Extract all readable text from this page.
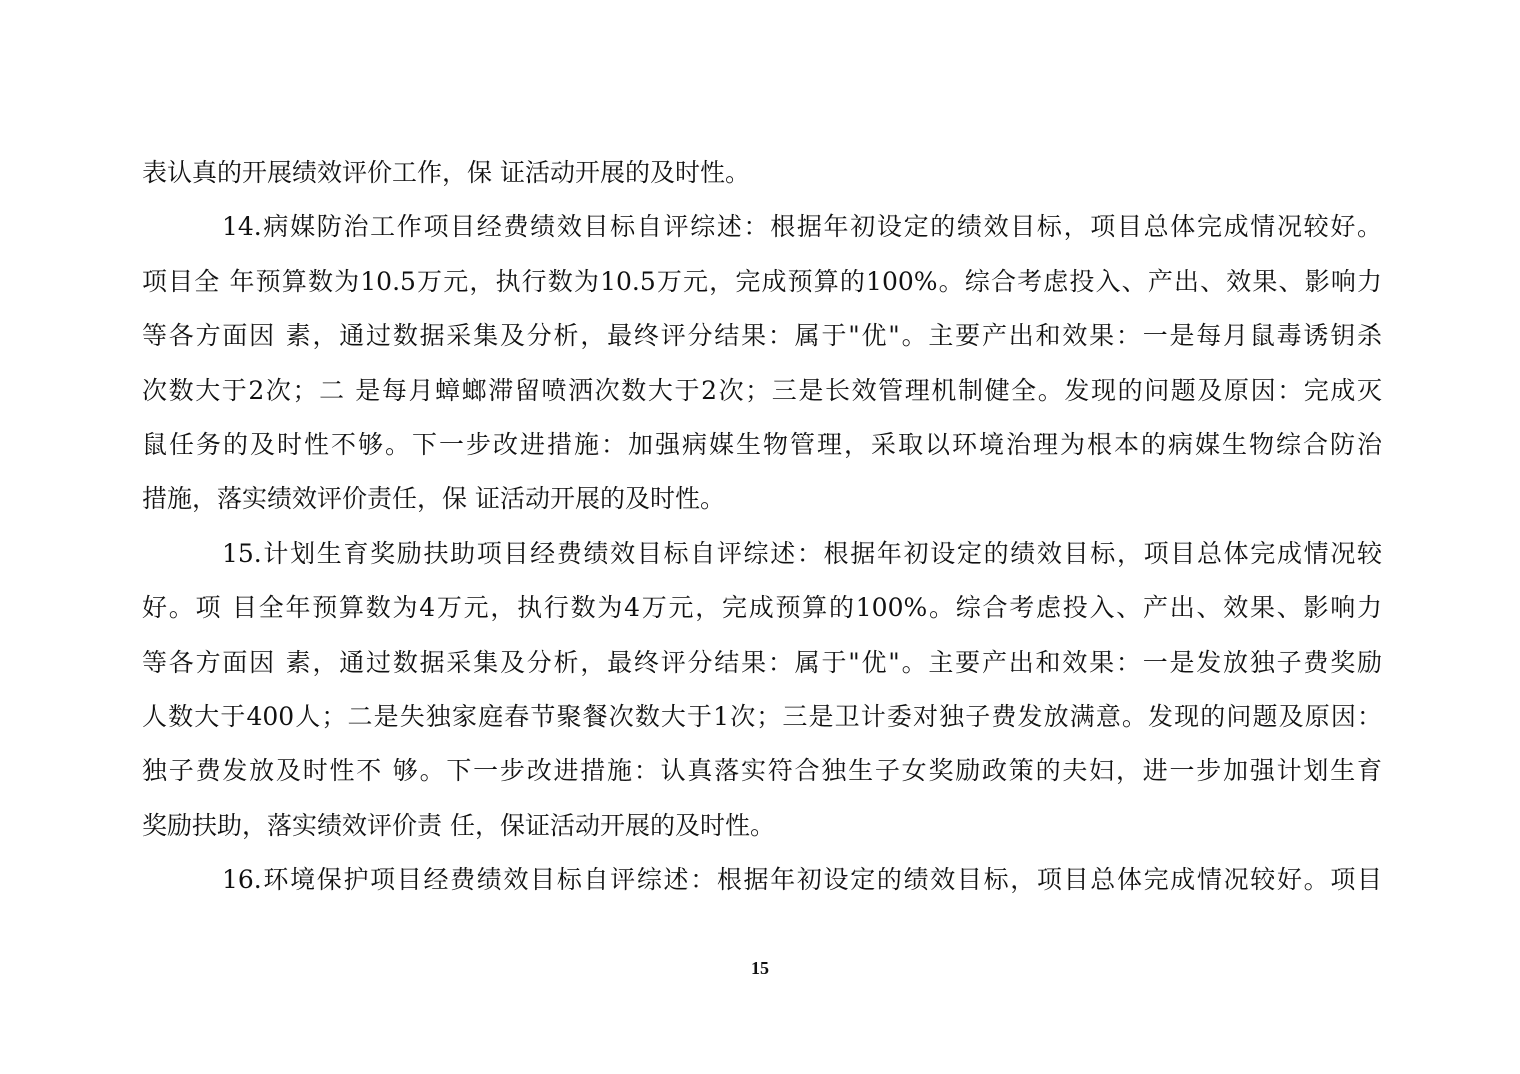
表认真的开展绩效评价工作，保 证活动开展的及时性。
14.病媒防治工作项目经费绩效目标自评综述：根据年初设定的绩效目标，项目总体完成情况较好。
项目全 年预算数为10.5万元，执行数为10.5万元，完成预算的100%。综合考虑投入、产出、效果、影响力
等各方面因 素，通过数据采集及分析，最终评分结果：属于"优"。主要产出和效果：一是每月鼠毒诱钥杀
次数大于2次；二 是每月蟑螂滞留喷洒次数大于2次；三是长效管理机制健全。发现的问题及原因：完成灭
鼠任务的及时性不够。下一步改进措施：加强病媒生物管理，采取以环境治理为根本的病媒生物综合防治
措施，落实绩效评价责任，保 证活动开展的及时性。
15.计划生育奖励扶助项目经费绩效目标自评综述：根据年初设定的绩效目标，项目总体完成情况较
好。项 目全年预算数为4万元，执行数为4万元，完成预算的100%。综合考虑投入、产出、效果、影响力
等各方面因 素，通过数据采集及分析，最终评分结果：属于"优"。主要产出和效果：一是发放独子费奖励
人数大于400人；二是失独家庭春节聚餐次数大于1次；三是卫计委对独子费发放满意。发现的问题及原因：
独子费发放及时性不 够。下一步改进措施：认真落实符合独生子女奖励政策的夫妇，进一步加强计划生育
奖励扶助，落实绩效评价责 任，保证活动开展的及时性。
16.环境保护项目经费绩效目标自评综述：根据年初设定的绩效目标，项目总体完成情况较好。项目
15
